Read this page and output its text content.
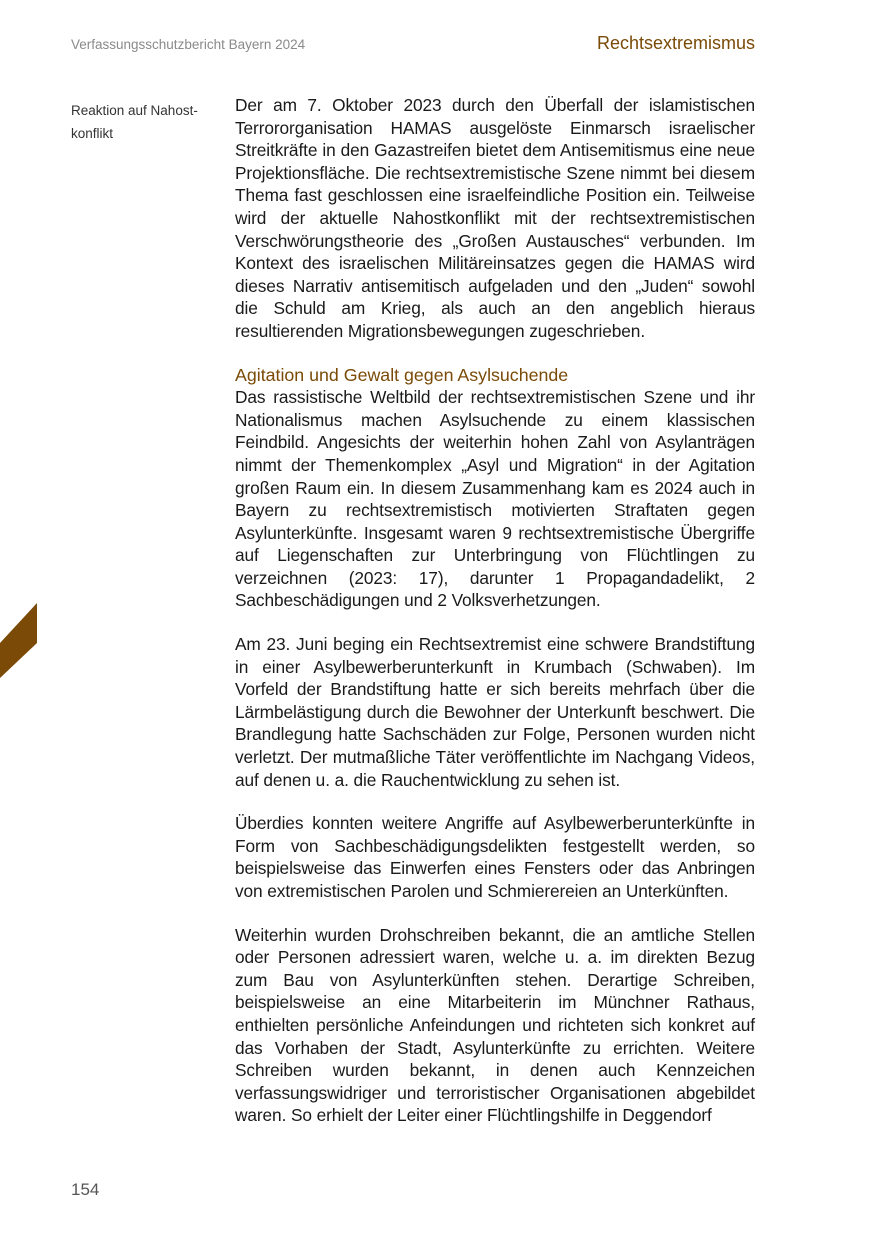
Verfassungsschutzbericht Bayern 2024	Rechtsextremismus
Reaktion auf Nahostkonflikt

Der am 7. Oktober 2023 durch den Überfall der islamistischen Terrororganisation HAMAS ausgelöste Einmarsch israelischer Streitkräfte in den Gazastreifen bietet dem Antisemitismus eine neue Projektionsfläche. Die rechtsextremistische Szene nimmt bei diesem Thema fast geschlossen eine israelfeindliche Position ein. Teilweise wird der aktuelle Nahostkonflikt mit der rechtsextremistischen Verschwörungstheorie des „Großen Austausches“ verbunden. Im Kontext des israelischen Militäreinsatzes gegen die HAMAS wird dieses Narrativ antisemitisch aufgeladen und den „Juden“ sowohl die Schuld am Krieg, als auch an den angeblich hieraus resultierenden Migrationsbewegungen zugeschrieben.

Agitation und Gewalt gegen Asylsuchende

Das rassistische Weltbild der rechtsextremistischen Szene und ihr Nationalismus machen Asylsuchende zu einem klassischen Feindbild. Angesichts der weiterhin hohen Zahl von Asylanträgen nimmt der Themenkomplex „Asyl und Migration“ in der Agitation großen Raum ein. In diesem Zusammenhang kam es 2024 auch in Bayern zu rechtsextremistisch motivierten Straftaten gegen Asylunterkünfte. Insgesamt waren 9 rechtsextremistische Übergriffe auf Liegenschaften zur Unterbringung von Flüchtlingen zu verzeichnen (2023: 17), darunter 1 Propagandadelikt, 2 Sachbeschädigungen und 2 Volksverhetzungen.

Am 23. Juni beging ein Rechtsextremist eine schwere Brandstiftung in einer Asylbewerberunterkunft in Krumbach (Schwaben). Im Vorfeld der Brandstiftung hatte er sich bereits mehrfach über die Lärmbelästigung durch die Bewohner der Unterkunft beschwert. Die Brandlegung hatte Sachschäden zur Folge, Personen wurden nicht verletzt. Der mutmaßliche Täter veröffentlichte im Nachgang Videos, auf denen u. a. die Rauchentwicklung zu sehen ist.

Überdies konnten weitere Angriffe auf Asylbewerberunterkünfte in Form von Sachbeschädigungsdelikten festgestellt werden, so beispielsweise das Einwerfen eines Fensters oder das Anbringen von extremistischen Parolen und Schmierereien an Unterkünften.

Weiterhin wurden Drohschreiben bekannt, die an amtliche Stellen oder Personen adressiert waren, welche u. a. im direkten Bezug zum Bau von Asylunterkünften stehen. Derartige Schreiben, beispielsweise an eine Mitarbeiterin im Münchner Rathaus, enthielten persönliche Anfeindungen und richteten sich konkret auf das Vorhaben der Stadt, Asylunterkünfte zu errichten. Weitere Schreiben wurden bekannt, in denen auch Kennzeichen verfassungswidriger und terroristischer Organisationen abgebildet waren. So erhielt der Leiter einer Flüchtlingshilfe in Deggendorf

154
